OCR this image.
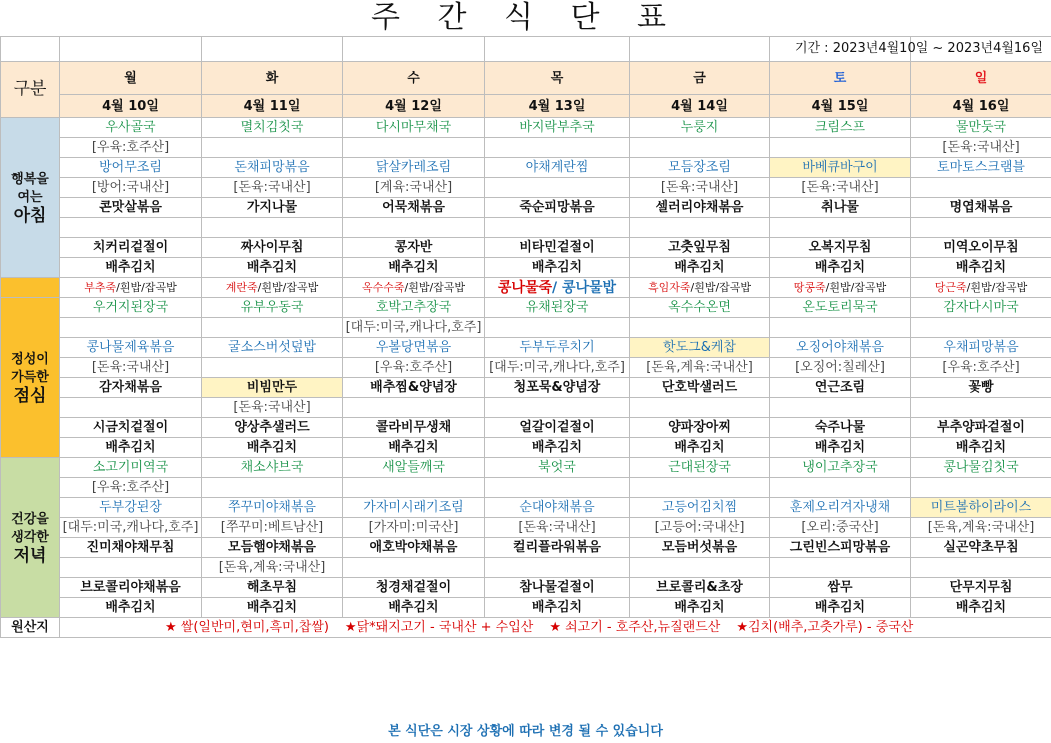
주 간 식 단 표

구분	월	화	수	목	금	토	일
	4월 10일	4월 11일	4월 12일	4월 13일	4월 14일	4월 15일	4월 16일

행복을
여는
아침	우사골국	멸치김칫국	다시마무채국	바지락부추국	누룽지	크림스프	물만둣국
	[우육:호주산]						[돈육:국내산]
	방어무조림	돈채피망볶음	닭살카레조림	야채계란찜	모듬장조림	바베큐바구이	토마토스크램블
	[방어:국내산]	[돈육:국내산]	[계육:국내산]		[돈육:국내산]	[돈육:국내산]	
	콘맛살볶음	가지나물	어묵채볶음	죽순피망볶음	셀러리야채볶음	취나물	명엽채볶음

	치커리겉절이	짜사이무침	콩자반	비타민겉절이	고춧잎무침	오복지무침	미역오이무침
	배추김치	배추김치	배추김치	배추김치	배추김치	배추김치	배추김치
	부추죽/흰밥/잡곡밥	계란죽/흰밥/잡곡밥	옥수수죽/흰밥/잡곡밥	콩나물죽/ 콩나물밥	흑임자죽/흰밥/잡곡밥	땅콩죽/흰밥/잡곡밥	당근죽/흰밥/잡곡밥

정성이
가득한
점심	우거지된장국	유부우동국	호박고추장국	유채된장국	옥수수온면	온도토리묵국	감자다시마국
			[대두:미국,캐나다,호주]				
	콩나물제육볶음	굴소스버섯덮밥	우볼당면볶음	두부두루치기	핫도그&케찹	오징어야채볶음	우채피망볶음
	[돈육:국내산]		[우육:호주산]	[대두:미국,캐나다,호주]	[돈육,계육:국내산]	[오징어:칠레산]	[우육:호주산]
	감자채볶음	비빔만두	배추찜&양념장	청포묵&양념장	단호박샐러드	연근조림	꽃빵
		[돈육:국내산]					
	시금치겉절이	양상추샐러드	콜라비무생채	얼갈이겉절이	양파장아찌	숙주나물	부추양파겉절이
	배추김치	배추김치	배추김치	배추김치	배추김치	배추김치	배추김치

건강을
생각한
저녁	소고기미역국	채소샤브국	새알들깨국	북엇국	근대된장국	냉이고추장국	콩나물김칫국
	[우육:호주산]						
	두부강된장	쭈꾸미야채볶음	가자미시래기조림	순대야채볶음	고등어김치찜	훈제오리겨자냉채	미트볼하이라이스
	[대두:미국,캐나다,호주]	[쭈꾸미:베트남산]	[가자미:미국산]	[돈육:국내산]	[고등어:국내산]	[오리:중국산]	[돈육,계육:국내산]
	진미채야채무침	모듬햄야채볶음	애호박야채볶음	컬리플라워볶음	모듬버섯볶음	그린빈스피망볶음	실곤약초무침
		[돈육,계육:국내산]					
	브로콜리야채볶음	해초무침	청경채겉절이	참나물겉절이	브로콜리&초장	쌈무	단무지무침
	배추김치	배추김치	배추김치	배추김치	배추김치	배추김치	배추김치
원산지	★ 쌀(일반미,현미,흑미,찹쌀) ★닭*돼지고기 - 국내산 + 수입산 ★ 쇠고기 - 호주산,뉴질랜드산 ★김치(배추,고춧가루) - 중국산						
기간 : 2023년4월10일 ~ 2023년4월16일
본 식단은 시장 상황에 따라 변경 될 수 있습니다
